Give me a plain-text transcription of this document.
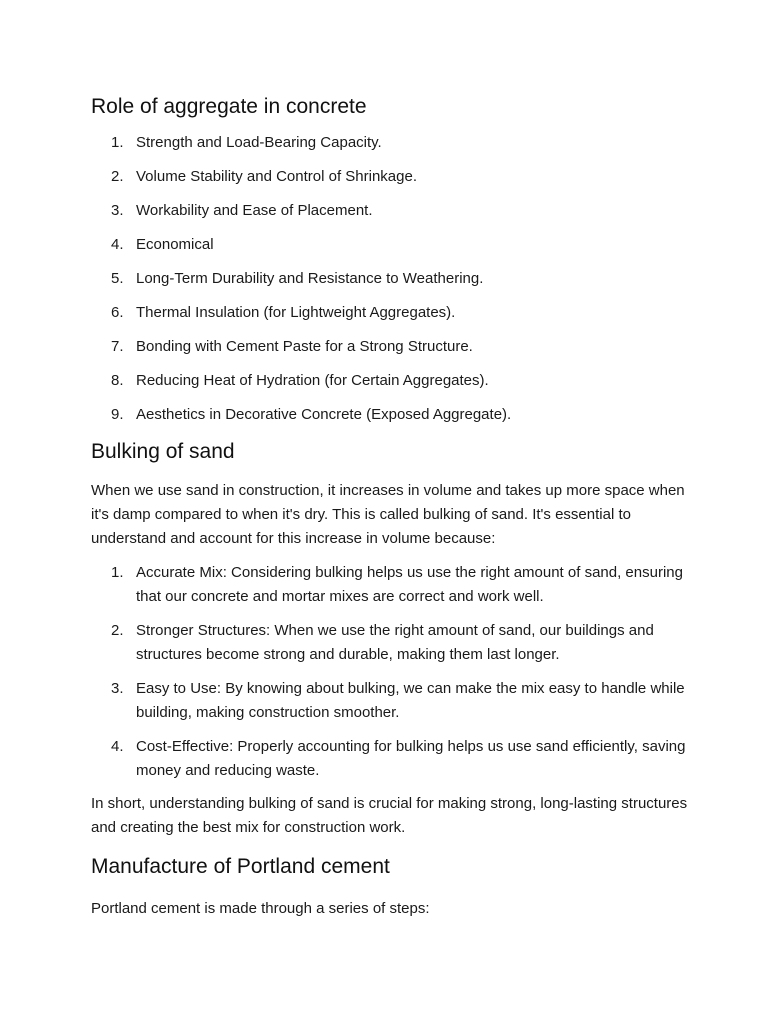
Role of aggregate in concrete
1. Strength and Load-Bearing Capacity.
2. Volume Stability and Control of Shrinkage.
3. Workability and Ease of Placement.
4. Economical
5. Long-Term Durability and Resistance to Weathering.
6. Thermal Insulation (for Lightweight Aggregates).
7. Bonding with Cement Paste for a Strong Structure.
8. Reducing Heat of Hydration (for Certain Aggregates).
9. Aesthetics in Decorative Concrete (Exposed Aggregate).
Bulking of sand

When we use sand in construction, it increases in volume and takes up more space when it's damp compared to when it's dry. This is called bulking of sand. It's essential to understand and account for this increase in volume because:

1. Accurate Mix: Considering bulking helps us use the right amount of sand, ensuring that our concrete and mortar mixes are correct and work well.
2. Stronger Structures: When we use the right amount of sand, our buildings and structures become strong and durable, making them last longer.
3. Easy to Use: By knowing about bulking, we can make the mix easy to handle while building, making construction smoother.
4. Cost-Effective: Properly accounting for bulking helps us use sand efficiently, saving money and reducing waste.

In short, understanding bulking of sand is crucial for making strong, long-lasting structures and creating the best mix for construction work.

Manufacture of Portland cement

Portland cement is made through a series of steps:
